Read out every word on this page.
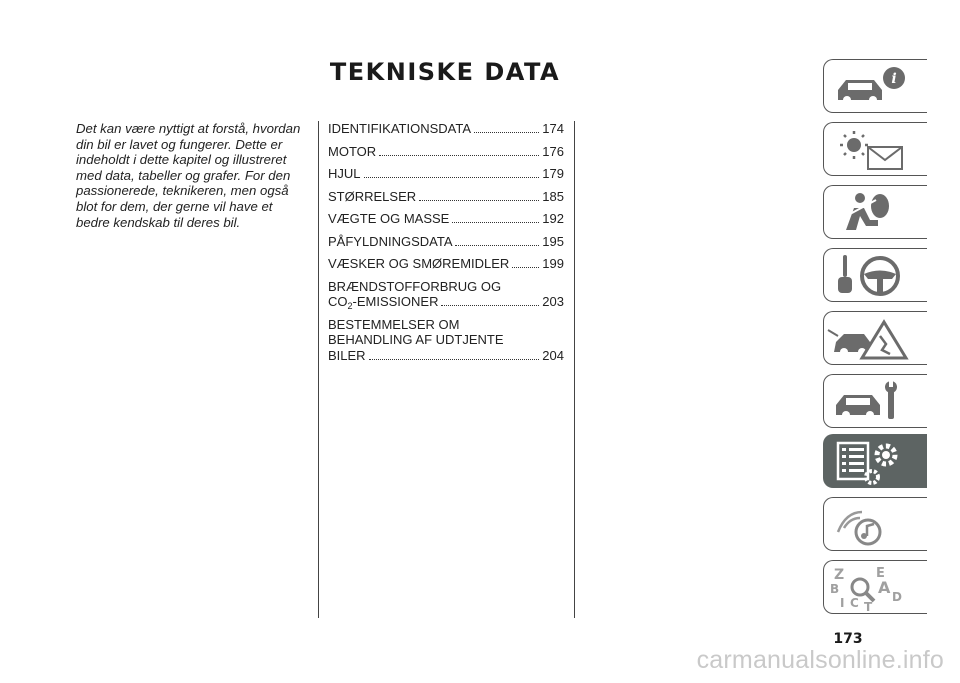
TEKNISKE DATA
Det kan være nyttigt at forstå, hvordan din bil er lavet og fungerer. Dette er indeholdt i dette kapitel og illustreret med data, tabeller og grafer. For den passionerede, teknikeren, men også blot for dem, der gerne vil have et bedre kendskab til deres bil.
IDENTIFIKATIONSDATA	174
MOTOR	176
HJUL	179
STØRRELSER	185
VÆGTE OG MASSE	192
PÅFYLDNINGSDATA	195
VÆSKER OG SMØREMIDLER	199
BRÆNDSTOFFORBRUG OG
$CO_2$-EMISSIONER	203
BESTEMMELSER OM
BEHANDLING AF UDTJENTE
BILER	204
i
Z E
A
B
D
I C T
173
carmanualsonline.info
